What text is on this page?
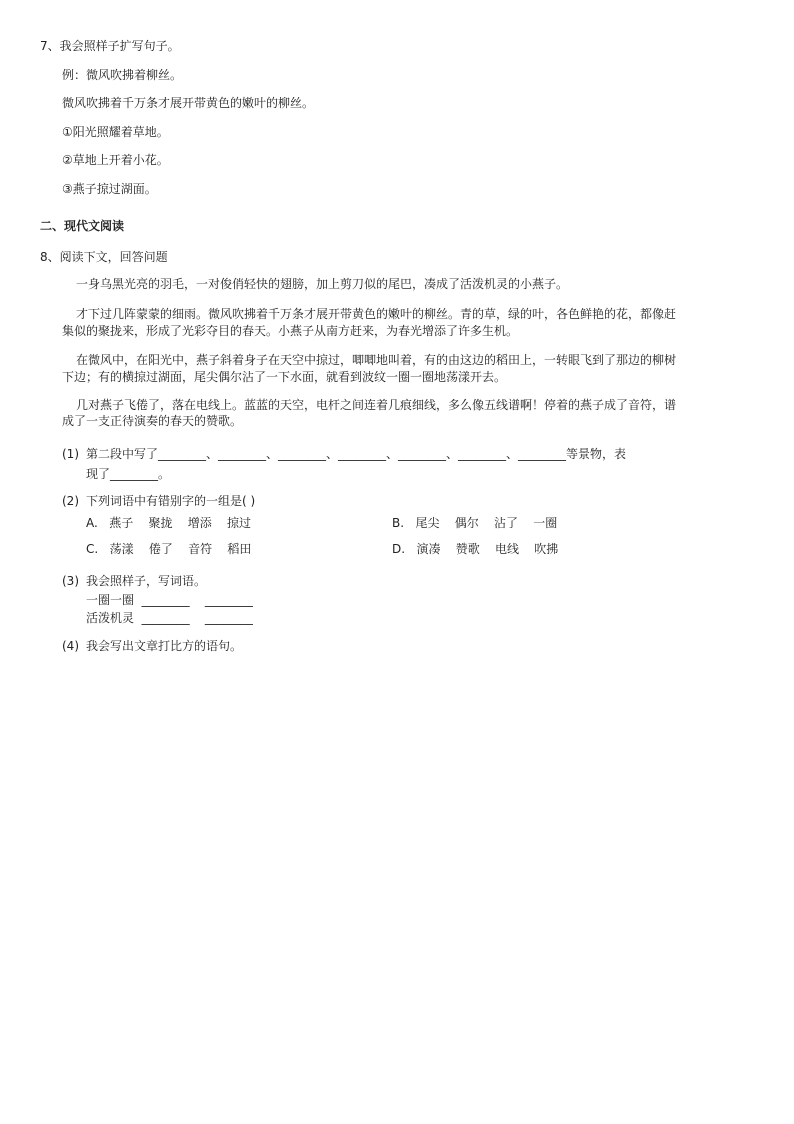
7、我会照样子扩写句子。
例：微风吹拂着柳丝。
微风吹拂着千万条才展开带黄色的嫩叶的柳丝。
①阳光照耀着草地。
②草地上开着小花。
③燕子掠过湖面。
二、现代文阅读
8、阅读下文，回答问题
一身乌黑光亮的羽毛，一对俊俏轻快的翅膀，加上剪刀似的尾巴，凑成了活泼机灵的小燕子。
才下过几阵蒙蒙的细雨。微风吹拂着千万条才展开带黄色的嫩叶的柳丝。青的草，绿的叶，各色鲜艳的花，都像赶
集似的聚拢来，形成了光彩夺目的春天。小燕子从南方赶来，为春光增添了许多生机。
在微风中，在阳光中，燕子斜着身子在天空中掠过，唧唧地叫着，有的由这边的稻田上，一转眼飞到了那边的柳树
下边；有的横掠过湖面，尾尖偶尔沾了一下水面，就看到波纹一圈一圈地荡漾开去。
几对燕子飞倦了，落在电线上。蓝蓝的天空，电杆之间连着几痕细线，多么像五线谱啊！停着的燕子成了音符，谱
成了一支正待演奏的春天的赞歌。
(1) 第二段中写了________、________、________、________、________、________、________等景物，表
现了________。
(2) 下列词语中有错别字的一组是( )
A. 燕子    聚拢    增添    掠过	B. 尾尖    偶尔    沾了    一圈
C. 荡漾    倦了    音符    稻田	D. 演凑    赞歌    电线    吹拂
(3) 我会照样子，写词语。
一圈一圈  ________    ________
活泼机灵  ________    ________
(4) 我会写出文章打比方的语句。
